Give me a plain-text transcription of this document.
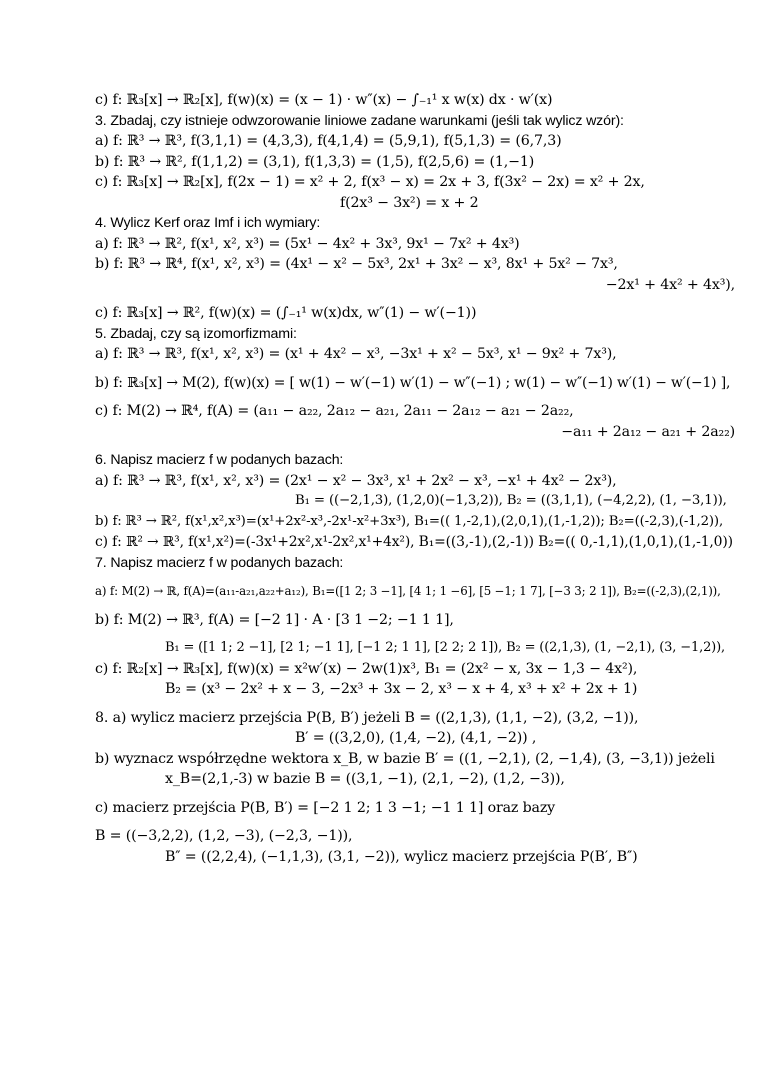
c) f: ℝ₃[x] → ℝ₂[x], f(w)(x) = (x − 1) · w″(x) − ∫₋₁¹ x w(x) dx · w′(x)
3. Zbadaj, czy istnieje odwzorowanie liniowe zadane warunkami (jeśli tak wylicz wzór):
a) f: ℝ³ → ℝ³, f(3,1,1) = (4,3,3), f(4,1,4) = (5,9,1), f(5,1,3) = (6,7,3)
b) f: ℝ³ → ℝ², f(1,1,2) = (3,1), f(1,3,3) = (1,5), f(2,5,6) = (1,−1)
c) f: ℝ₃[x] → ℝ₂[x], f(2x − 1) = x² + 2, f(x³ − x) = 2x + 3, f(3x² − 2x) = x² + 2x,
f(2x³ − 3x²) = x + 2
4. Wylicz Kerf oraz Imf i ich wymiary:
a) f: ℝ³ → ℝ², f(x¹, x², x³) = (5x¹ − 4x² + 3x³, 9x¹ − 7x² + 4x³)
b) f: ℝ³ → ℝ⁴, f(x¹, x², x³) = (4x¹ − x² − 5x³, 2x¹ + 3x² − x³, 8x¹ + 5x² − 7x³,
−2x¹ + 4x² + 4x³),
c) f: ℝ₃[x] → ℝ², f(w)(x) = (∫₋₁¹ w(x)dx, w″(1) − w′(−1))
5. Zbadaj, czy są izomorfizmami:
a) f: ℝ³ → ℝ³, f(x¹, x², x³) = (x¹ + 4x² − x³, −3x¹ + x² − 5x³, x¹ − 9x² + 7x³),
b) f: ℝ₃[x] → M(2), f(w)(x) = [ w(1) − w′(−1) w′(1) − w″(−1) ; w(1) − w″(−1) w′(1) − w′(−1) ],
c) f: M(2) → ℝ⁴, f(A) = (a₁₁ − a₂₂, 2a₁₂ − a₂₁, 2a₁₁ − 2a₁₂ − a₂₁ − 2a₂₂,
−a₁₁ + 2a₁₂ − a₂₁ + 2a₂₂)
6. Napisz macierz f w podanych bazach:
a) f: ℝ³ → ℝ³, f(x¹, x², x³) = (2x¹ − x² − 3x³, x¹ + 2x² − x³, −x¹ + 4x² − 2x³),
B₁ = ((−2,1,3), (1,2,0)(−1,3,2)), B₂ = ((3,1,1), (−4,2,2), (1, −3,1)),
b) f: ℝ³ → ℝ², f(x¹,x²,x³)=(x¹+2x²-x³,-2x¹-x²+3x³), B₁=(( 1,-2,1),(2,0,1),(1,-1,2)); B₂=((-2,3),(-1,2)),
c) f: ℝ² → ℝ³, f(x¹,x²)=(-3x¹+2x²,x¹-2x²,x¹+4x²), B₁=((3,-1),(2,-1)) B₂=(( 0,-1,1),(1,0,1),(1,-1,0))
7. Napisz macierz f w podanych bazach:
a) f: M(2) → ℝ, f(A)=(a₁₁-a₂₁,a₂₂+a₁₂), B₁=([1 2; 3 −1], [4 1; 1 −6], [5 −1; 1 7], [−3 3; 2 1]), B₂=((-2,3),(2,1)),
b) f: M(2) → ℝ³, f(A) = [−2 1] · A · [3 1 −2; −1 1 1],
B₁ = ([1 1; 2 −1], [2 1; −1 1], [−1 2; 1 1], [2 2; 2 1]), B₂ = ((2,1,3), (1, −2,1), (3, −1,2)),
c) f: ℝ₂[x] → ℝ₃[x], f(w)(x) = x²w′(x) − 2w(1)x³, B₁ = (2x² − x, 3x − 1,3 − 4x²),
B₂ = (x³ − 2x² + x − 3, −2x³ + 3x − 2, x³ − x + 4, x³ + x² + 2x + 1)
8. a) wylicz macierz przejścia P(B, B′) jeżeli B = ((2,1,3), (1,1, −2), (3,2, −1)),
B′ = ((3,2,0), (1,4, −2), (4,1, −2)) ,
b) wyznacz współrzędne wektora x_B, w bazie B′ = ((1, −2,1), (2, −1,4), (3, −3,1)) jeżeli
x_B=(2,1,-3) w bazie B = ((3,1, −1), (2,1, −2), (1,2, −3)),
c) macierz przejścia P(B, B′) = [−2 1 2; 1 3 −1; −1 1 1] oraz bazy
B = ((−3,2,2), (1,2, −3), (−2,3, −1)),
B″ = ((2,2,4), (−1,1,3), (3,1, −2)), wylicz macierz przejścia P(B′, B″)
